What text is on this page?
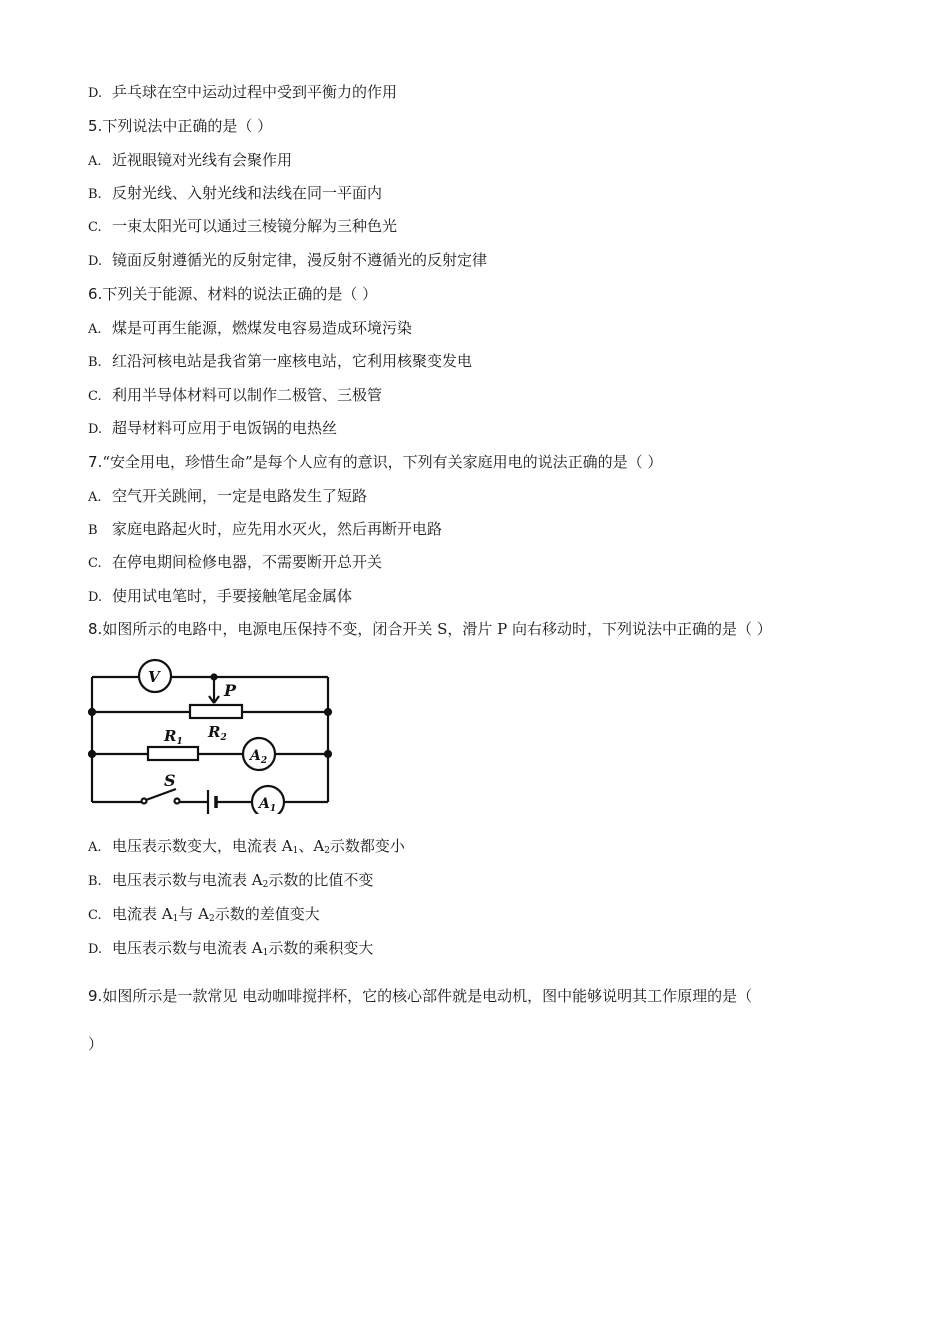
D. 乒乓球在空中运动过程中受到平衡力的作用
5.下列说法中正确的是（ ）
A. 近视眼镜对光线有会聚作用
B. 反射光线、入射光线和法线在同一平面内
C. 一束太阳光可以通过三棱镜分解为三种色光
D. 镜面反射遵循光的反射定律，漫反射不遵循光的反射定律
6.下列关于能源、材料的说法正确的是（ ）
A. 煤是可再生能源，燃煤发电容易造成环境污染
B. 红沿河核电站是我省第一座核电站，它利用核聚变发电
C. 利用半导体材料可以制作二极管、三极管
D. 超导材料可应用于电饭锅的电热丝
7.“安全用电，珍惜生命”是每个人应有的意识，下列有关家庭用电的说法正确的是（ ）
A. 空气开关跳闸，一定是电路发生了短路
B 家庭电路起火时，应先用水灭火，然后再断开电路
C. 在停电期间检修电器，不需要断开总开关
D. 使用试电笔时，手要接触笔尾金属体
8.如图所示的电路中，电源电压保持不变，闭合开关 S，滑片 P 向右移动时，下列说法中正确的是（ ）
V
P
$R_2$
$A_2$
$R_1$
S
$A_1$
A. 电压表示数变大，电流表 $A_1$、$A_2$示数都变小
B. 电压表示数与电流表 $A_2$示数的比值不变
C. 电流表 $A_1$与 $A_2$示数的差值变大
D. 电压表示数与电流表 $A_1$示数的乘积变大
9.如图所示是一款常见 电动咖啡搅拌杯，它的核心部件就是电动机，图中能够说明其工作原理的是（
）
